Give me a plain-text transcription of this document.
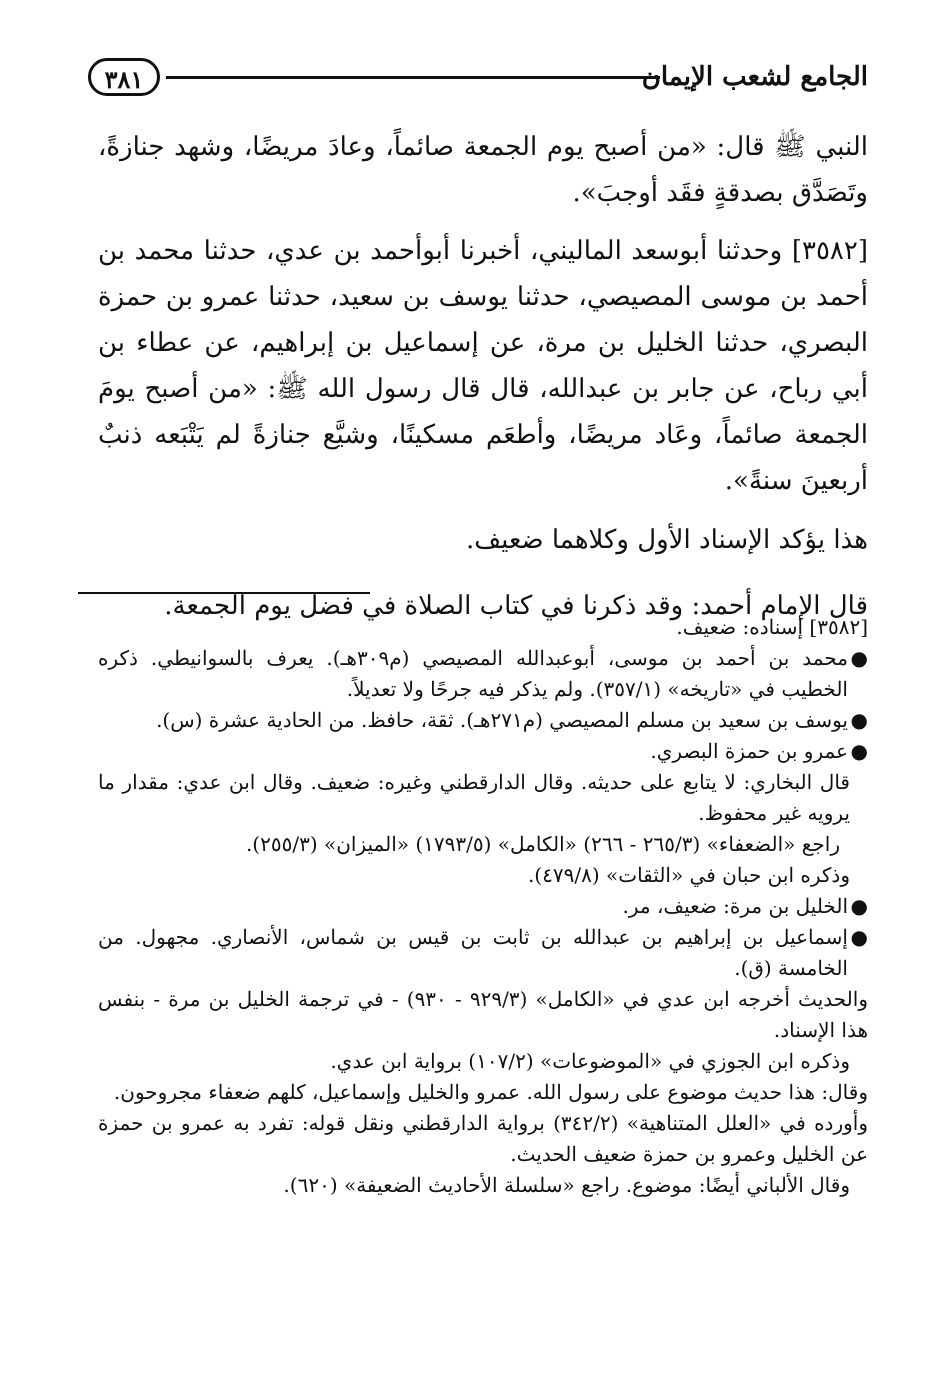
الجامع لشعب الإيمان
٣٨١

النبي ﷺ قال: «من أصبح يوم الجمعة صائماً، وعادَ مريضًا، وشهد جنازةً، وتَصَدَّق بصدقةٍ فقَد أوجبَ».

[٣٥٨٢] وحدثنا أبوسعد الماليني، أخبرنا أبوأحمد بن عدي، حدثنا محمد بن أحمد بن موسى المصيصي، حدثنا يوسف بن سعيد، حدثنا عمرو بن حمزة البصري، حدثنا الخليل بن مرة، عن إسماعيل بن إبراهيم، عن عطاء بن أبي رباح، عن جابر بن عبدالله، قال قال رسول الله ﷺ: «من أصبح يومَ الجمعة صائماً، وعَاد مريضًا، وأطعَم مسكينًا، وشيَّع جنازةً لم يَتْبَعه ذنبٌ أربعينَ سنةً».

هذا يؤكد الإسناد الأول وكلاهما ضعيف.

قال الإمام أحمد: وقد ذكرنا في كتاب الصلاة في فضل يوم الجمعة.

[٣٥٨٢] إسناده: ضعيف.

●

محمد بن أحمد بن موسى، أبوعبدالله المصيصي (م٣٠٩هـ). يعرف بالسوانيطي. ذكره الخطيب في «تاريخه» (٣٥٧/١). ولم يذكر فيه جرحًا ولا تعديلاً.

●

يوسف بن سعيد بن مسلم المصيصي (م٢٧١هـ). ثقة، حافظ. من الحادية عشرة (س).

●

عمرو بن حمزة البصري.

قال البخاري: لا يتابع على حديثه. وقال الدارقطني وغيره: ضعيف. وقال ابن عدي: مقدار ما يرويه غير محفوظ.

راجع «الضعفاء» (٢٦٥/٣ - ٢٦٦) «الكامل» (١٧٩٣/٥) «الميزان» (٢٥٥/٣).

وذكره ابن حبان في «الثقات» (٤٧٩/٨).

●

الخليل بن مرة: ضعيف، مر.

●

إسماعيل بن إبراهيم بن عبدالله بن ثابت بن قيس بن شماس، الأنصاري. مجهول. من الخامسة (ق).

والحديث أخرجه ابن عدي في «الكامل» (٩٢٩/٣ - ٩٣٠) - في ترجمة الخليل بن مرة - بنفس هذا الإسناد.

وذكره ابن الجوزي في «الموضوعات» (١٠٧/٢) برواية ابن عدي.

وقال: هذا حديث موضوع على رسول الله. عمرو والخليل وإسماعيل، كلهم ضعفاء مجروحون.

وأورده في «العلل المتناهية» (٣٤٢/٢) برواية الدارقطني ونقل قوله: تفرد به عمرو بن حمزة عن الخليل وعمرو بن حمزة ضعيف الحديث.

وقال الألباني أيضًا: موضوع. راجع «سلسلة الأحاديث الضعيفة» (٦٢٠).
